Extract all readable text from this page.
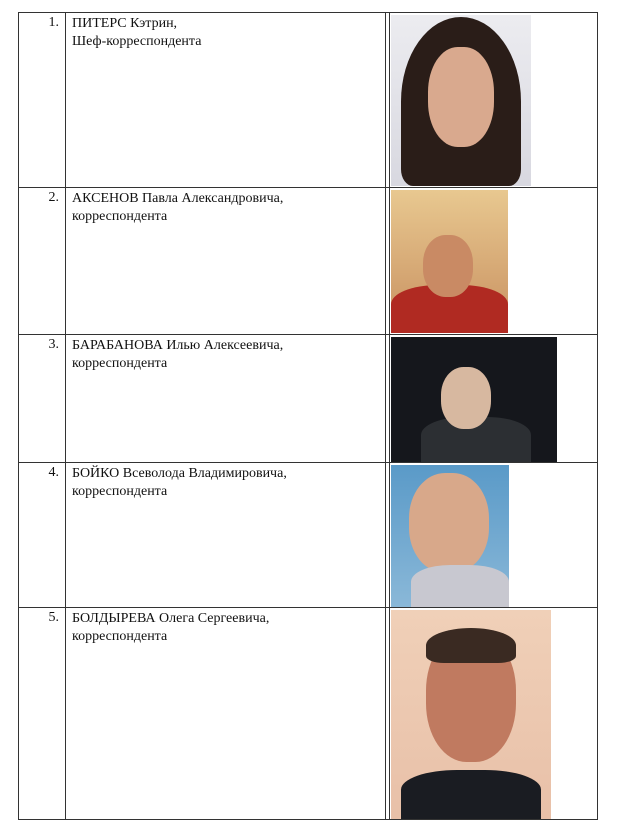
1. ПИТЕРС Кэтрин,
Шеф-корреспондента
2. АКСЕНОВ Павла Александровича,
корреспондента
3. БАРАБАНОВА Илью Алексеевича,
корреспондента
4. БОЙКО Всеволода Владимировича,
корреспондента
5. БОЛДЫРЕВА Олега Сергеевича,
корреспондента
